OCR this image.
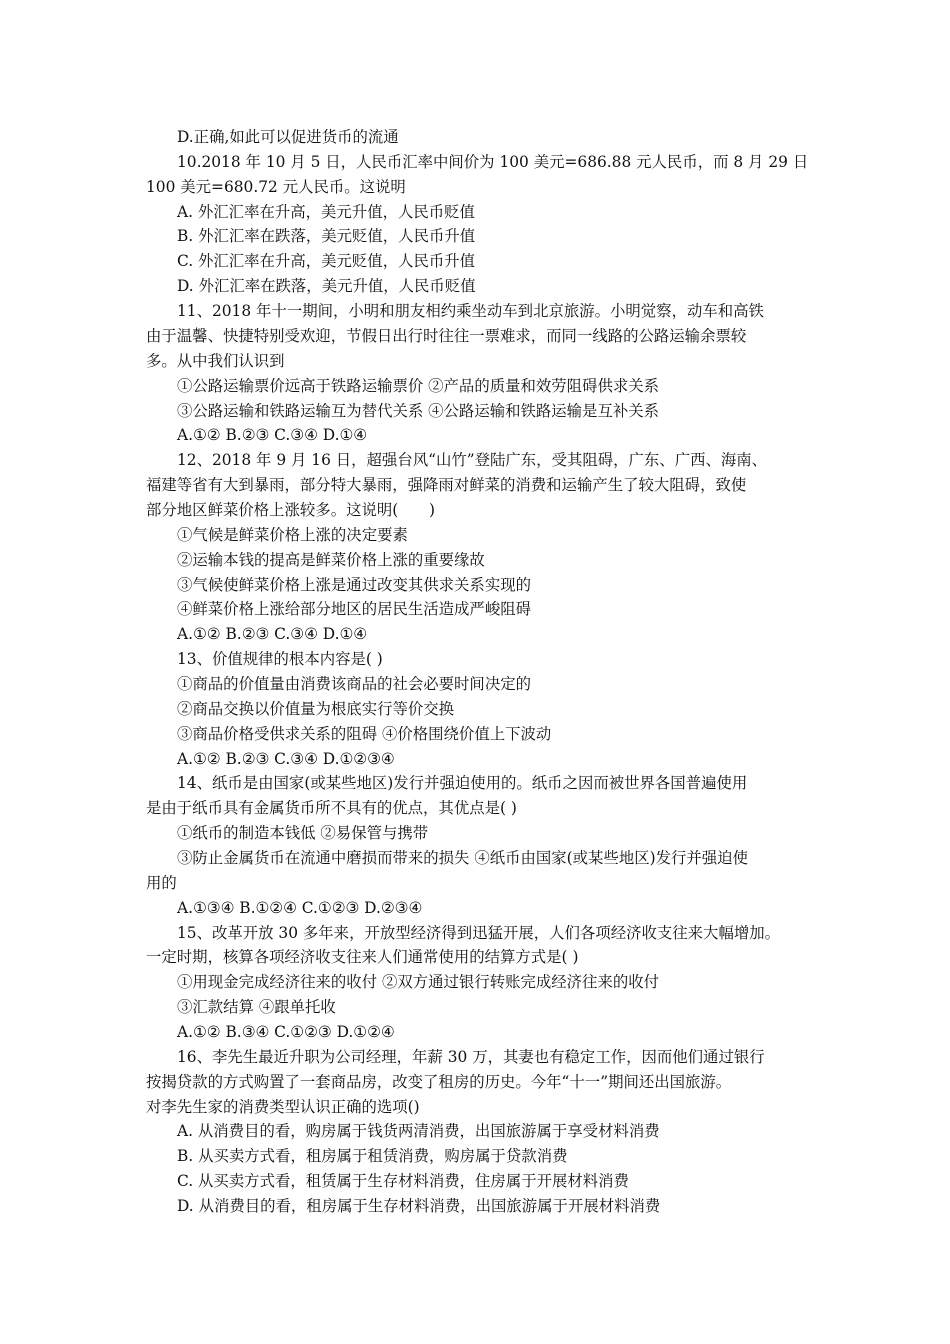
D.正确,如此可以促进货币的流通
10.2018 年 10 月 5 日，人民币汇率中间价为 100 美元=686.88 元人民币，而 8 月 29 日
100 美元=680.72 元人民币。这说明
A. 外汇汇率在升高，美元升值，人民币贬值
B. 外汇汇率在跌落，美元贬值，人民币升值
C. 外汇汇率在升高，美元贬值，人民币升值
D. 外汇汇率在跌落，美元升值，人民币贬值
11、2018 年十一期间，小明和朋友相约乘坐动车到北京旅游。小明觉察，动车和高铁
由于温馨、快捷特别受欢迎，节假日出行时往往一票难求，而同一线路的公路运输余票较
多。从中我们认识到
①公路运输票价远高于铁路运输票价 ②产品的质量和效劳阻碍供求关系
③公路运输和铁路运输互为替代关系 ④公路运输和铁路运输是互补关系
A.①② B.②③ C.③④ D.①④
12、2018 年 9 月 16 日，超强台风“山竹”登陆广东，受其阻碍，广东、广西、海南、
福建等省有大到暴雨，部分特大暴雨，强降雨对鲜菜的消费和运输产生了较大阻碍，致使
部分地区鲜菜价格上涨较多。这说明(　　)
①气候是鲜菜价格上涨的决定要素
②运输本钱的提高是鲜菜价格上涨的重要缘故
③气候使鲜菜价格上涨是通过改变其供求关系实现的
④鲜菜价格上涨给部分地区的居民生活造成严峻阻碍
A.①② B.②③ C.③④ D.①④
13、价值规律的根本内容是( )
①商品的价值量由消费该商品的社会必要时间决定的
②商品交换以价值量为根底实行等价交换
③商品价格受供求关系的阻碍 ④价格围绕价值上下波动
A.①② B.②③ C.③④ D.①②③④
14、纸币是由国家(或某些地区)发行并强迫使用的。纸币之因而被世界各国普遍使用
是由于纸币具有金属货币所不具有的优点，其优点是( )
①纸币的制造本钱低 ②易保管与携带
③防止金属货币在流通中磨损而带来的损失 ④纸币由国家(或某些地区)发行并强迫使
用的
A.①③④ B.①②④ C.①②③ D.②③④
15、改革开放 30 多年来，开放型经济得到迅猛开展，人们各项经济收支往来大幅增加。
一定时期，核算各项经济收支往来人们通常使用的结算方式是( )
①用现金完成经济往来的收付 ②双方通过银行转账完成经济往来的收付
③汇款结算 ④跟单托收
A.①② B.③④ C.①②③ D.①②④
16、李先生最近升职为公司经理，年薪 30 万，其妻也有稳定工作，因而他们通过银行
按揭贷款的方式购置了一套商品房，改变了租房的历史。今年“十一”期间还出国旅游。
对李先生家的消费类型认识正确的选项()
A. 从消费目的看，购房属于钱货两清消费，出国旅游属于享受材料消费
B. 从买卖方式看，租房属于租赁消费，购房属于贷款消费
C. 从买卖方式看，租赁属于生存材料消费，住房属于开展材料消费
D. 从消费目的看，租房属于生存材料消费，出国旅游属于开展材料消费
